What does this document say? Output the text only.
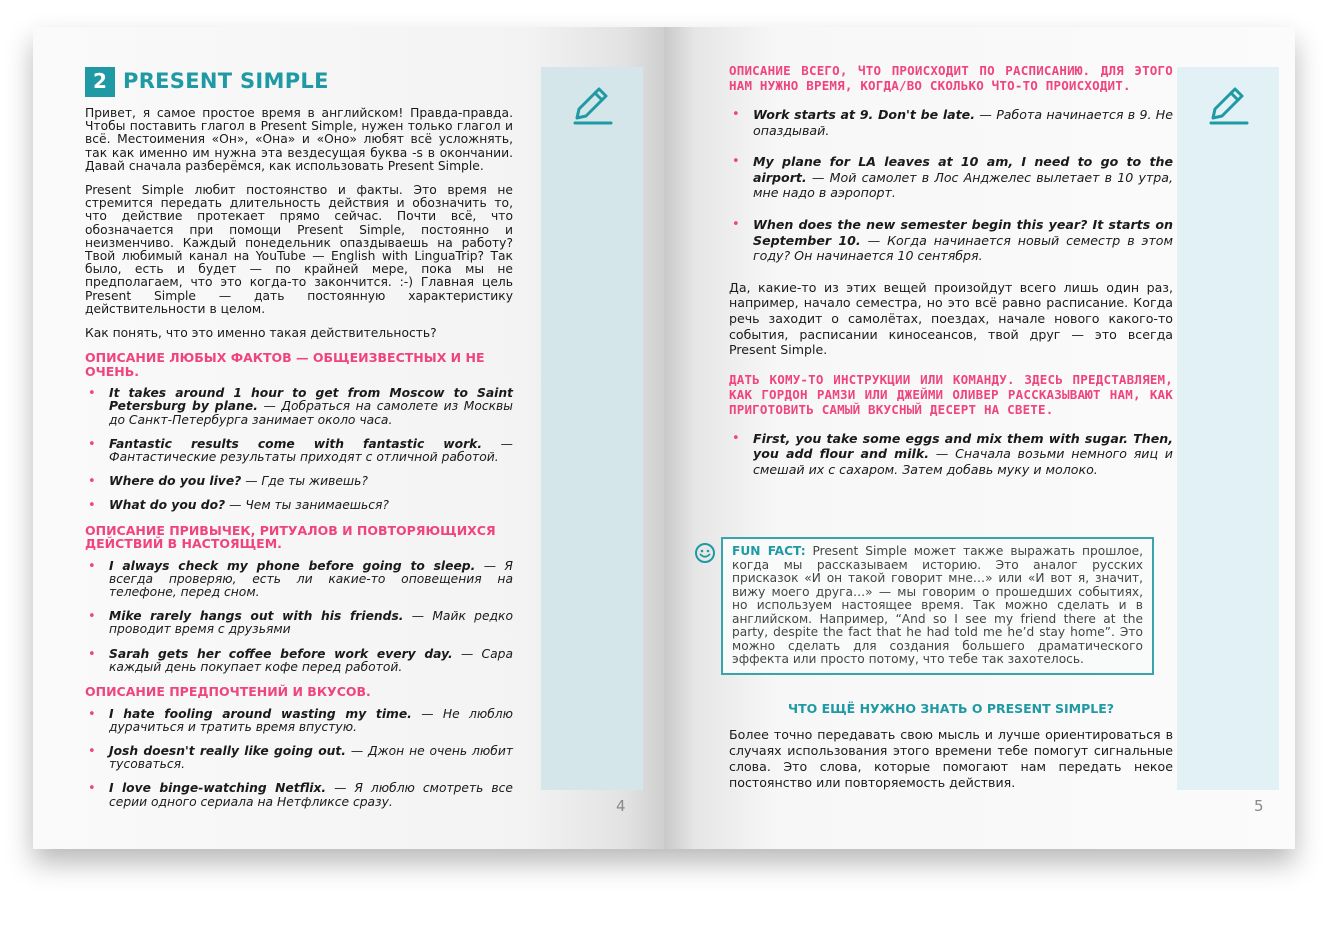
2 PRESENT SIMPLE

Привет, я самое простое время в английском! Правда-правда. Чтобы поставить глагол в Present Simple, нужен только глагол и всё. Местоимения «Он», «Она» и «Оно» любят всё усложнять, так как именно им нужна эта вездесущая буква -s в окончании. Давай сначала разберёмся, как использовать Present Simple.

Present Simple любит постоянство и факты. Это время не стремится передать длительность действия и обозначить то, что действие протекает прямо сейчас. Почти всё, что обозначается при помощи Present Simple, постоянно и неизменчиво. Каждый понедельник опаздываешь на работу? Твой любимый канал на YouTube — English with LinguaTrip? Так было, есть и будет — по крайней мере, пока мы не предполагаем, что это когда-то закончится. :-) Главная цель Present Simple — дать постоянную характеристику действительности в целом.

Как понять, что это именно такая действительность?

ОПИСАНИЕ ЛЮБЫХ ФАКТОВ — ОБЩЕИЗВЕСТНЫХ И НЕ ОЧЕНЬ.
• It takes around 1 hour to get from Moscow to Saint Petersburg by plane. — Добраться на самолете из Москвы до Санкт-Петербурга занимает около часа.
• Fantastic results come with fantastic work. — Фантастические результаты приходят с отличной работой.
• Where do you live? — Где ты живешь?
• What do you do? — Чем ты занимаешься?
ОПИСАНИЕ ПРИВЫЧЕК, РИТУАЛОВ И ПОВТОРЯЮЩИХСЯ ДЕЙСТВИЙ В НАСТОЯЩЕМ.
• I always check my phone before going to sleep. — Я всегда проверяю, есть ли какие-то оповещения на телефоне, перед сном.
• Mike rarely hangs out with his friends. — Майк редко проводит время с друзьями
• Sarah gets her coffee before work every day. — Сара каждый день покупает кофе перед работой.
ОПИСАНИЕ ПРЕДПОЧТЕНИЙ И ВКУСОВ.
• I hate fooling around wasting my time. — Не люблю дурачиться и тратить время впустую.
• Josh doesn't really like going out. — Джон не очень любит тусоваться.
• I love binge-watching Netflix. — Я люблю смотреть все серии одного сериала на Нетфликсе сразу.	4
ОПИСАНИЕ ВСЕГО, ЧТО ПРОИСХОДИТ ПО РАСПИСАНИЮ. ДЛЯ ЭТОГО НАМ НУЖНО ВРЕМЯ, КОГДА/ВО СКОЛЬКО ЧТО-ТО ПРОИСХОДИТ.
• Work starts at 9. Don't be late. — Работа начинается в 9. Не опаздывай.
• My plane for LA leaves at 10 am, I need to go to the airport. — Мой самолет в Лос Анджелес вылетает в 10 утра, мне надо в аэропорт.
• When does the new semester begin this year? It starts on September 10. — Когда начинается новый семестр в этом году? Он начинается 10 сентября.

Да, какие-то из этих вещей произойдут всего лишь один раз, например, начало семестра, но это всё равно расписание. Когда речь заходит о самолётах, поездах, начале нового какого-то события, расписании киносеансов, твой друг — это всегда Present Simple.

ДАТЬ КОМУ-ТО ИНСТРУКЦИИ ИЛИ КОМАНДУ. ЗДЕСЬ ПРЕДСТАВЛЯЕМ, КАК ГОРДОН РАМЗИ ИЛИ ДЖЕЙМИ ОЛИВЕР РАССКАЗЫВАЮТ НАМ, КАК ПРИГОТОВИТЬ САМЫЙ ВКУСНЫЙ ДЕСЕРТ НА СВЕТЕ.
• First, you take some eggs and mix them with sugar. Then, you add flour and milk. — Сначала возьми немного яиц и смешай их с сахаром. Затем добавь муку и молоко.
FUN FACT: Present Simple может также выражать прошлое, когда мы рассказываем историю. Это аналог русских присказок «И он такой говорит мне…» или «И вот я, значит, вижу моего друга…» — мы говорим о прошедших событиях, но используем настоящее время. Так можно сделать и в английском. Например, “And so I see my friend there at the party, despite the fact that he had told me he’d stay home”. Это можно сделать для создания большего драматического эффекта или просто потому, что тебе так захотелось.
ЧТО ЕЩЁ НУЖНО ЗНАТЬ О PRESENT SIMPLE?
Более точно передавать свою мысль и лучше ориентироваться в случаях использования этого времени тебе помогут сигнальные слова. Это слова, которые помогают нам передать некое постоянство или повторяемость действия.
5
